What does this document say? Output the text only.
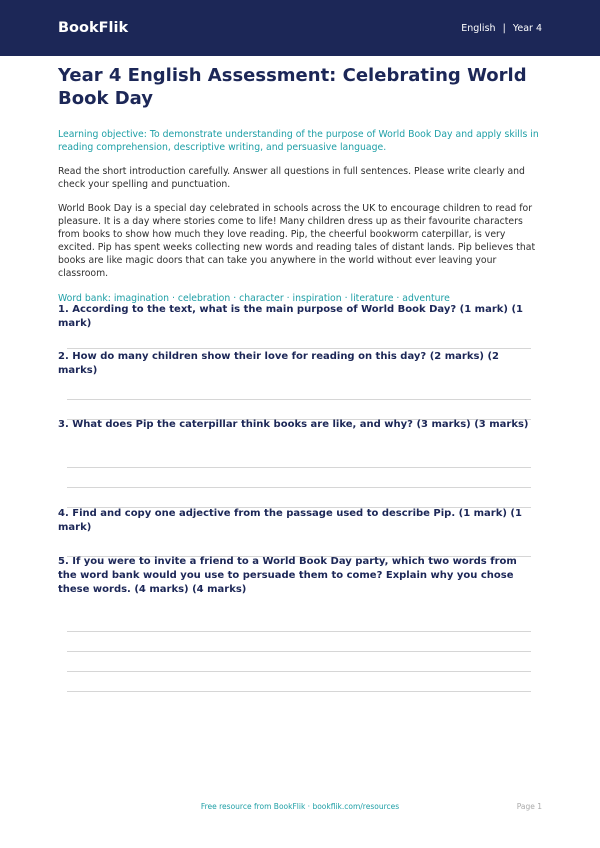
BookFlik	English | Year 4
Year 4 English Assessment: Celebrating World Book Day
Learning objective: To demonstrate understanding of the purpose of World Book Day and apply skills in reading comprehension, descriptive writing, and persuasive language.
Read the short introduction carefully. Answer all questions in full sentences. Please write clearly and check your spelling and punctuation.
World Book Day is a special day celebrated in schools across the UK to encourage children to read for pleasure. It is a day where stories come to life! Many children dress up as their favourite characters from books to show how much they love reading. Pip, the cheerful bookworm caterpillar, is very excited. Pip has spent weeks collecting new words and reading tales of distant lands. Pip believes that books are like magic doors that can take you anywhere in the world without ever leaving your classroom.
Word bank: imagination · celebration · character · inspiration · literature · adventure
1. According to the text, what is the main purpose of World Book Day? (1 mark) (1 mark)
2. How do many children show their love for reading on this day? (2 marks) (2 marks)
3. What does Pip the caterpillar think books are like, and why? (3 marks) (3 marks)
4. Find and copy one adjective from the passage used to describe Pip. (1 mark) (1 mark)
5. If you were to invite a friend to a World Book Day party, which two words from the word bank would you use to persuade them to come? Explain why you chose these words. (4 marks) (4 marks)
Free resource from BookFlik · bookflik.com/resources	Page 1
